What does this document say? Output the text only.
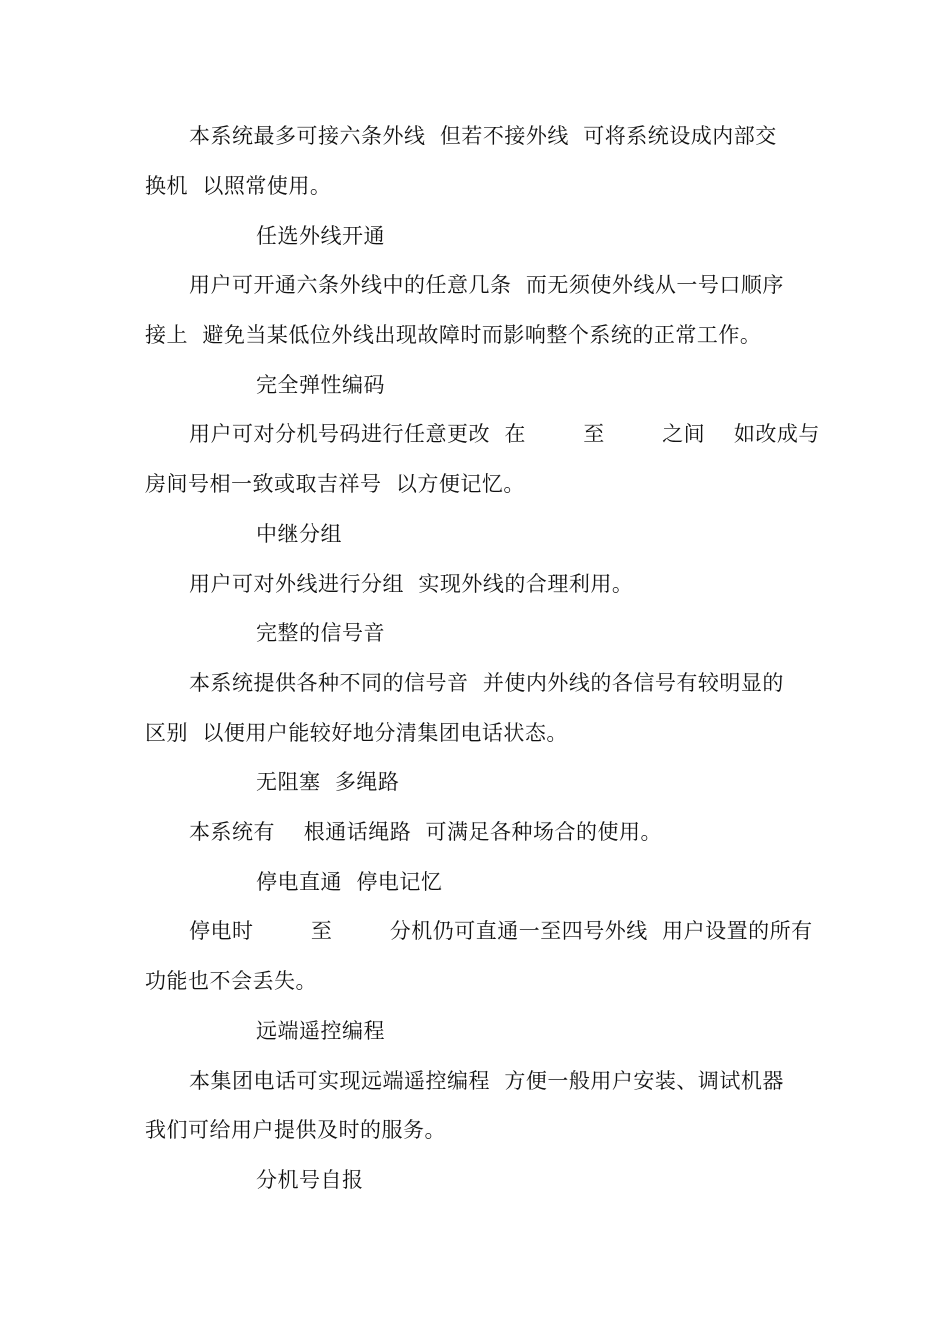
本系统最多可接六条外线  但若不接外线  可将系统设成内部交
换机  以照常使用。
任选外线开通
用户可开通六条外线中的任意几条  而无须使外线从一号口顺序
接上  避免当某低位外线出现故障时而影响整个系统的正常工作。
完全弹性编码
用户可对分机号码进行任意更改  在        至        之间    如改成与
房间号相一致或取吉祥号  以方便记忆。
中继分组
用户可对外线进行分组  实现外线的合理利用。
完整的信号音
本系统提供各种不同的信号音  并使内外线的各信号有较明显的
区别  以便用户能较好地分清集团电话状态。
无阻塞  多绳路
本系统有    根通话绳路  可满足各种场合的使用。
停电直通  停电记忆
停电时        至        分机仍可直通一至四号外线  用户设置的所有
功能也不会丢失。
远端遥控编程
本集团电话可实现远端遥控编程  方便一般用户安装、调试机器
我们可给用户提供及时的服务。
分机号自报
